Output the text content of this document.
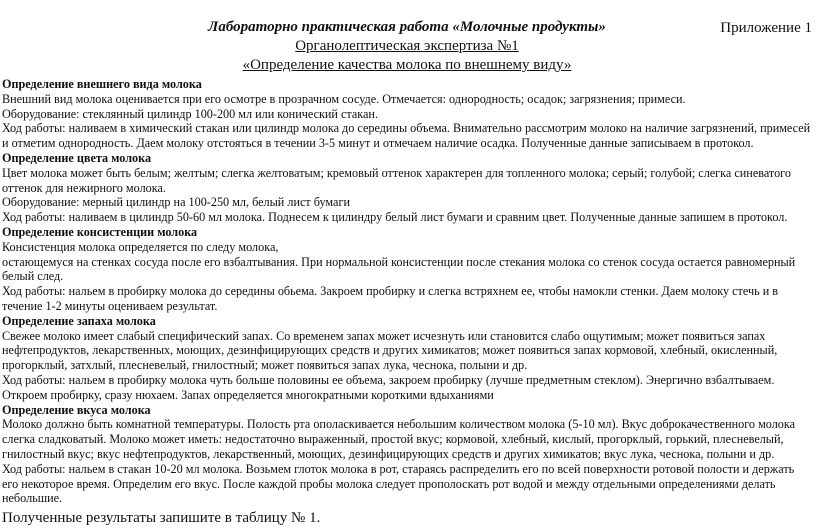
Приложение 1
Лабораторно практическая работа «Молочные продукты»
Органолептическая экспертиза №1
«Определение качества молока по внешнему виду»

Определение внешнего вида молока

Внешний вид молока оценивается при его осмотре в прозрачном сосуде. Отмечается: однородность; осадок; загрязнения; примеси.

Оборудование: стеклянный цилиндр 100-200 мл или конический стакан.

Ход работы: наливаем в химический стакан или цилиндр молока до середины объема. Внимательно рассмотрим молоко на наличие загрязнений, примесей и отметим однородность. Даем молоку отстояться в течении 3-5 минут и отмечаем наличие осадка. Полученные данные записываем в протокол.

Определение цвета молока

Цвет молока может быть белым; желтым; слегка желтоватым; кремовый оттенок характерен для топленного молока; серый; голубой; слегка синеватого оттенок для нежирного молока.

Оборудование: мерный цилиндр на 100-250 мл, белый лист бумаги

Ход работы: наливаем в цилиндр 50-60 мл молока. Поднесем к цилиндру белый лист бумаги и сравним цвет. Полученные данные запишем в протокол.

Определение консистенции молока

Консистенция молока определяется по следу молока,

остающемуся на стенках сосуда после его взбалтывания. При нормальной консистенции после стекания молока со стенок сосуда остается равномерный белый след.

Ход работы: нальем в пробирку молока до середины обьема. Закроем пробирку и слегка встряхнем ее, чтобы намокли стенки. Даем молоку стечь и в течение 1-2 минуты оцениваем результат.

Определение запаха молока

Свежее молоко имеет слабый специфический запах. Со временем запах может исчезнуть или становится слабо ощутимым; может появиться запах нефтепродуктов, лекарственных, моющих, дезинфицирующих средств и других химикатов; может появиться запах кормовой, хлебный, окисленный, прогорклый, затхлый, плесневелый, гнилостный; может появиться запах лука, чеснока, полыни и др.

Ход работы: нальем в пробирку молока чуть больше половины ее объема, закроем пробирку (лучше предметным стеклом). Энергично взбалтываем. Откроем пробирку, сразу нюхаем. Запах определяется многократными короткими вдыханиями

Определение вкуса молока

Молоко должно быть комнатной температуры. Полость рта ополаскивается небольшим количеством молока (5-10 мл). Вкус доброкачественного молока слегка сладковатый. Молоко может иметь: недостаточно выраженный, простой вкус; кормовой, хлебный, кислый, прогорклый, горький, плесневелый, гнилостный вкус; вкус нефтепродуктов, лекарственный, моющих, дезинфицирующих средств и других химикатов; вкус лука, чеснока, полыни и др.

Ход работы: нальем в стакан 10-20 мл молока. Возьмем глоток молока в рот, стараясь распределить его по всей поверхности ротовой полости и держать его некоторое время. Определим его вкус. После каждой пробы молока следует прополоскать рот водой и между отдельными определениями делать небольшие.

Полученные результаты запишите в таблицу № 1.
